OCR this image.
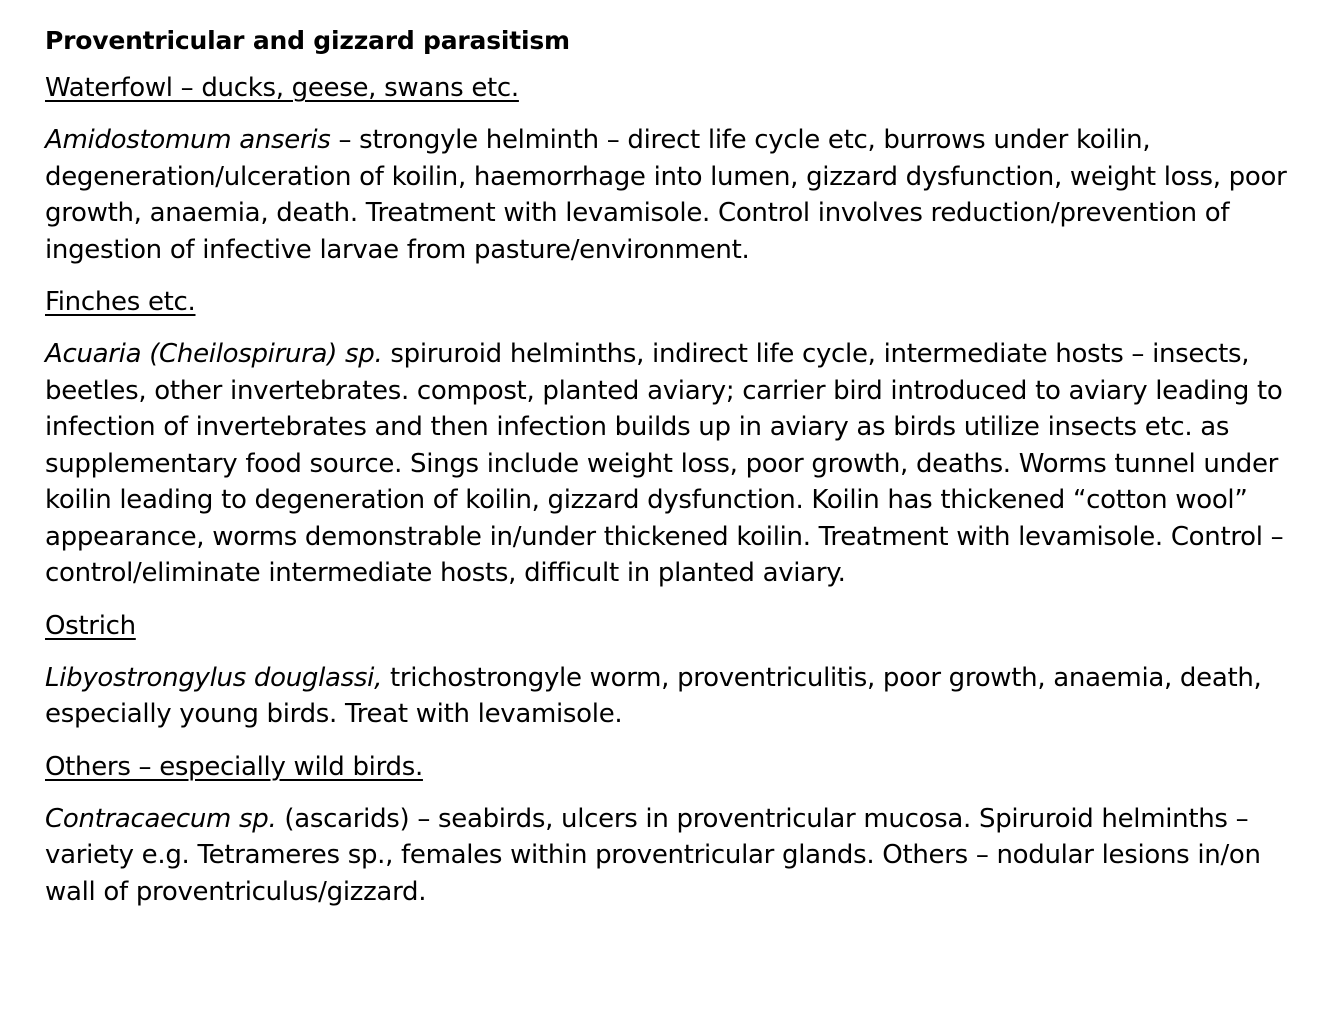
Proventricular and gizzard parasitism
Waterfowl – ducks, geese, swans etc.
Amidostomum anseris – strongyle helminth – direct life cycle etc, burrows under koilin, degeneration/ulceration of koilin, haemorrhage into lumen, gizzard dysfunction, weight loss, poor growth, anaemia, death. Treatment with levamisole. Control involves reduction/prevention of ingestion of infective larvae from pasture/environment.
Finches etc.
Acuaria (Cheilospirura) sp. spiruroid helminths, indirect life cycle, intermediate hosts – insects, beetles, other invertebrates. compost, planted aviary; carrier bird introduced to aviary leading to infection of invertebrates and then infection builds up in aviary as birds utilize insects etc. as supplementary food source. Sings include weight loss, poor growth, deaths. Worms tunnel under koilin leading to degeneration of koilin, gizzard dysfunction. Koilin has thickened “cotton wool” appearance, worms demonstrable in/under thickened koilin. Treatment with levamisole. Control –control/eliminate intermediate hosts, difficult in planted aviary.
Ostrich
Libyostrongylus douglassi, trichostrongyle worm, proventriculitis, poor growth, anaemia, death, especially young birds. Treat with levamisole.
Others – especially wild birds.
Contracaecum sp. (ascarids) – seabirds, ulcers in proventricular mucosa. Spiruroid helminths – variety e.g. Tetrameres sp., females within proventricular glands. Others – nodular lesions in/on wall of proventriculus/gizzard.
